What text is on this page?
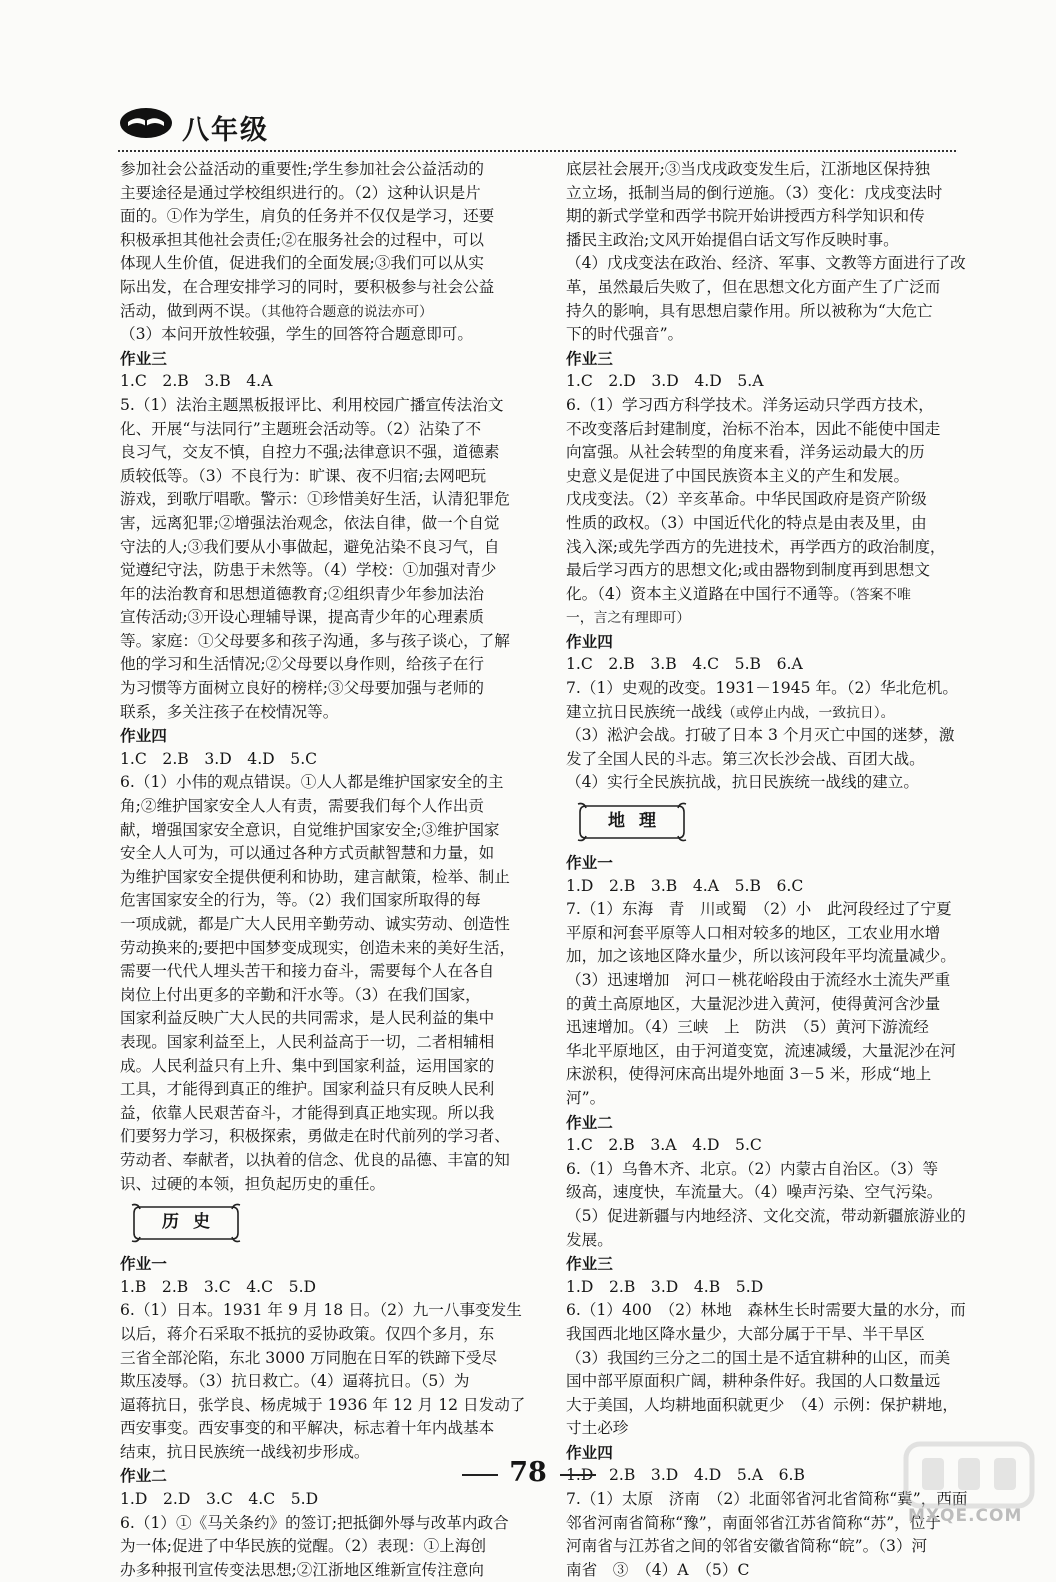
八年级
参加社会公益活动的重要性;学生参加社会公益活动的
主要途径是通过学校组织进行的。（2）这种认识是片
面的。①作为学生，肩负的任务并不仅仅是学习，还要
积极承担其他社会责任;②在服务社会的过程中，可以
体现人生价值，促进我们的全面发展;③我们可以从实
际出发，在合理安排学习的同时，要积极参与社会公益
活动，做到两不误。（其他符合题意的说法亦可）
（3）本问开放性较强，学生的回答符合题意即可。
作业三
1.C　2.B　3.B　4.A
5.（1）法治主题黑板报评比、利用校园广播宣传法治文
化、开展“与法同行”主题班会活动等。（2）沾染了不
良习气，交友不慎，自控力不强;法律意识不强，道德素
质较低等。（3）不良行为：旷课、夜不归宿;去网吧玩
游戏，到歌厅唱歌。警示：①珍惜美好生活，认清犯罪危
害，远离犯罪;②增强法治观念，依法自律，做一个自觉
守法的人;③我们要从小事做起，避免沾染不良习气，自
觉遵纪守法，防患于未然等。（4）学校：①加强对青少
年的法治教育和思想道德教育;②组织青少年参加法治
宣传活动;③开设心理辅导课，提高青少年的心理素质
等。家庭：①父母要多和孩子沟通，多与孩子谈心，了解
他的学习和生活情况;②父母要以身作则，给孩子在行
为习惯等方面树立良好的榜样;③父母要加强与老师的
联系，多关注孩子在校情况等。
作业四
1.C　2.B　3.D　4.D　5.C
6.（1）小伟的观点错误。①人人都是维护国家安全的主
角;②维护国家安全人人有责，需要我们每个人作出贡
献，增强国家安全意识，自觉维护国家安全;③维护国家
安全人人可为，可以通过各种方式贡献智慧和力量，如
为维护国家安全提供便利和协助，建言献策，检举、制止
危害国家安全的行为，等。（2）我们国家所取得的每
一项成就，都是广大人民用辛勤劳动、诚实劳动、创造性
劳动换来的;要把中国梦变成现实，创造未来的美好生活，
需要一代代人埋头苦干和接力奋斗，需要每个人在各自
岗位上付出更多的辛勤和汗水等。（3）在我们国家，
国家利益反映广大人民的共同需求，是人民利益的集中
表现。国家利益至上，人民利益高于一切，二者相辅相
成。人民利益只有上升、集中到国家利益，运用国家的
工具，才能得到真正的维护。国家利益只有反映人民利
益，依靠人民艰苦奋斗，才能得到真正地实现。所以我
们要努力学习，积极探索，勇做走在时代前列的学习者、
劳动者、奉献者，以执着的信念、优良的品德、丰富的知
识、过硬的本领，担负起历史的重任。
历史
作业一
1.B　2.B　3.C　4.C　5.D
6.（1）日本。1931 年 9 月 18 日。（2）九一八事变发生
以后，蒋介石采取不抵抗的妥协政策。仅四个多月，东
三省全部沦陷，东北 3000 万同胞在日军的铁蹄下受尽
欺压凌辱。（3）抗日救亡。（4）逼蒋抗日。（5）为
逼蒋抗日，张学良、杨虎城于 1936 年 12 月 12 日发动了
西安事变。西安事变的和平解决，标志着十年内战基本
结束，抗日民族统一战线初步形成。
作业二
1.D　2.D　3.C　4.C　5.D
6.（1）①《马关条约》的签订;把抵御外辱与改革内政合
为一体;促进了中华民族的觉醒。（2）表现：①上海创
办多种报刊宣传变法思想;②江浙地区维新宣传注意向
底层社会展开;③当戊戌政变发生后，江浙地区保持独
立立场，抵制当局的倒行逆施。（3）变化：戊戌变法时
期的新式学堂和西学书院开始讲授西方科学知识和传
播民主政治;文风开始提倡白话文写作反映时事。
（4）戊戌变法在政治、经济、军事、文教等方面进行了改
革，虽然最后失败了，但在思想文化方面产生了广泛而
持久的影响，具有思想启蒙作用。所以被称为“大危亡
下的时代强音”。
作业三
1.C　2.D　3.D　4.D　5.A
6.（1）学习西方科学技术。洋务运动只学西方技术，
不改变落后封建制度，治标不治本，因此不能使中国走
向富强。从社会转型的角度来看，洋务运动最大的历
史意义是促进了中国民族资本主义的产生和发展。
戊戌变法。（2）辛亥革命。中华民国政府是资产阶级
性质的政权。（3）中国近代化的特点是由表及里，由
浅入深;或先学西方的先进技术，再学西方的政治制度，
最后学习西方的思想文化;或由器物到制度再到思想文
化。（4）资本主义道路在中国行不通等。（答案不唯
一，言之有理即可）
作业四
1.C　2.B　3.B　4.C　5.B　6.A
7.（1）史观的改变。1931－1945 年。（2）华北危机。
建立抗日民族统一战线（或停止内战，一致抗日）。
（3）淞沪会战。打破了日本 3 个月灭亡中国的迷梦，激
发了全国人民的斗志。第三次长沙会战、百团大战。
（4）实行全民族抗战，抗日民族统一战线的建立。
地理
作业一
1.D　2.B　3.B　4.A　5.B　6.C
7.（1）东海　青　川或蜀　（2）小　此河段经过了宁夏
平原和河套平原等人口相对较多的地区，工农业用水增
加，加之该地区降水量少，所以该河段年平均流量减少。
（3）迅速增加　河口－桃花峪段由于流经水土流失严重
的黄土高原地区，大量泥沙进入黄河，使得黄河含沙量
迅速增加。（4）三峡　上　防洪　（5）黄河下游流经
华北平原地区，由于河道变宽，流速减缓，大量泥沙在河
床淤积，使得河床高出堤外地面 3－5 米，形成“地上
河”。
作业二
1.C　2.B　3.A　4.D　5.C
6.（1）乌鲁木齐、北京。（2）内蒙古自治区。（3）等
级高，速度快，车流量大。（4）噪声污染、空气污染。
（5）促进新疆与内地经济、文化交流，带动新疆旅游业的
发展。
作业三
1.D　2.B　3.D　4.B　5.D
6.（1）400　（2）林地　森林生长时需要大量的水分，而
我国西北地区降水量少，大部分属于干旱、半干旱区
（3）我国约三分之二的国土是不适宜耕种的山区，而美
国中部平原面积广阔，耕种条件好。我国的人口数量远
大于美国，人均耕地面积就更少　（4）示例：保护耕地，
寸土必珍
作业四
1.D　2.B　3.D　4.D　5.A　6.B
7.（1）太原　济南　（2）北面邻省河北省简称“冀”，西面
邻省河南省简称“豫”，南面邻省江苏省简称“苏”，位于
河南省与江苏省之间的邻省安徽省简称“皖”。（3）河
南省　③　（4）A　（5）C
78
MXQE.COM
